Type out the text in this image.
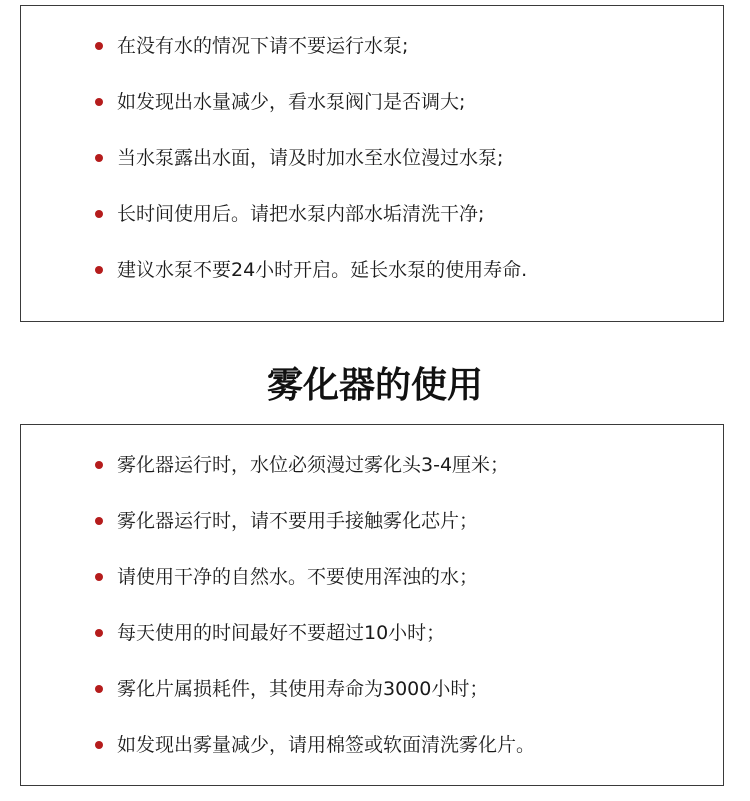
在没有水的情况下请不要运行水泵;
如发现出水量减少，看水泵阀门是否调大;
当水泵露出水面，请及时加水至水位漫过水泵;
长时间使用后。请把水泵内部水垢清洗干净;
建议水泵不要24小时开启。延长水泵的使用寿命.
雾化器的使用
雾化器运行时，水位必须漫过雾化头3-4厘米；
雾化器运行时，请不要用手接触雾化芯片；
请使用干净的自然水。不要使用浑浊的水；
每天使用的时间最好不要超过10小时；
雾化片属损耗件，其使用寿命为3000小时；
如发现出雾量减少，请用棉签或软面清洗雾化片。
